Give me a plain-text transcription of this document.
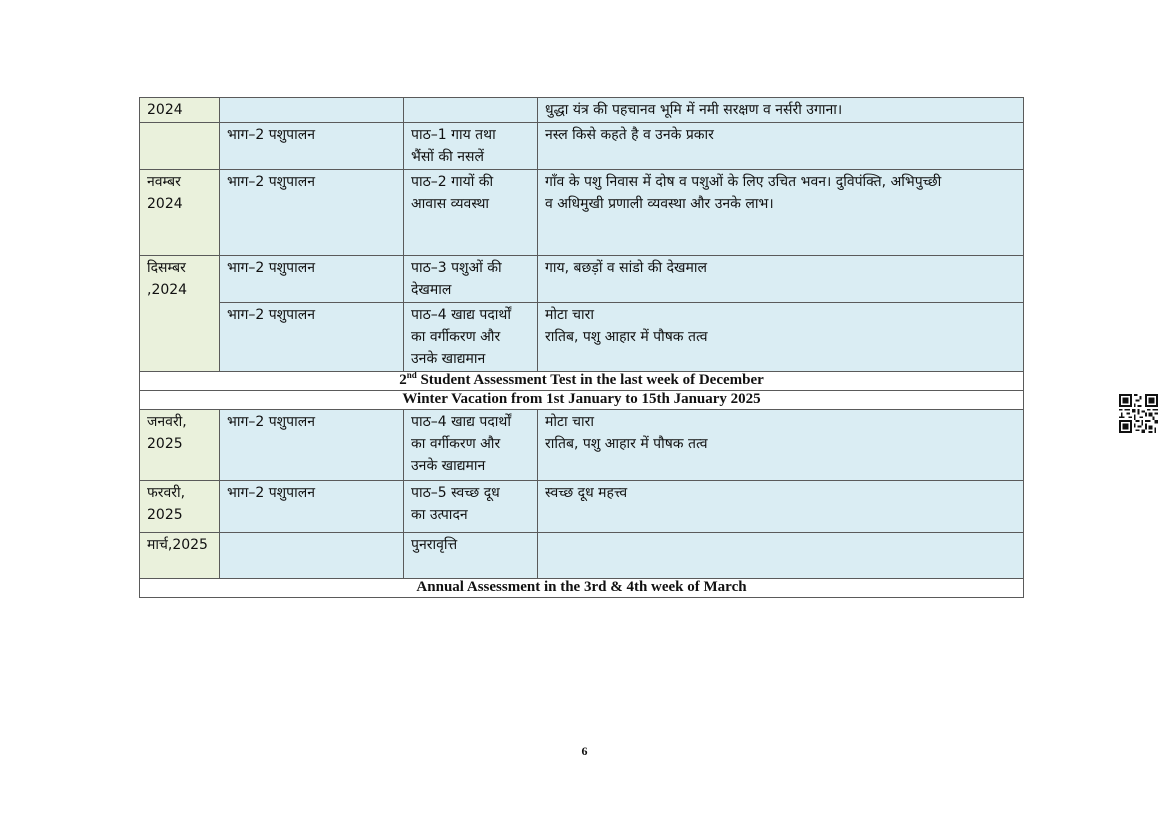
2024			धुद्धा यंत्र की पहचानव भूमि में नमी सरक्षण व नर्सरी उगाना।

	भाग–2 पशुपालन	पाठ–1 गाय तथा
भैंसों की नसलें	नस्ल किसे कहते है व उनके प्रकार

नवम्बर
2024	भाग–2 पशुपालन	पाठ–2 गायों की
आवास व्यवस्था	गाँव के पशु निवास में दोष व पशुओं के लिए उचित भवन। दुविपंक्ति, अभिपुच्छी
व अधिमुखी प्रणाली व्यवस्था और उनके लाभ।

दिसम्बर
,2024	भाग–2 पशुपालन	पाठ–3 पशुओं की
देखमाल	गाय, बछड़ों व सांडो की देखमाल

	भाग–2 पशुपालन	पाठ–4 खाद्य पदार्थों
का वर्गीकरण और
उनके खाद्यमान	मोटा चारा
रातिब, पशु आहार में पौषक तत्व

2nd Student Assessment Test in the last week of December			
Winter Vacation from 1st January to 15th January 2025			

जनवरी,
2025	भाग–2 पशुपालन	पाठ–4 खाद्य पदार्थों
का वर्गीकरण और
उनके खाद्यमान	मोटा चारा
रातिब, पशु आहार में पौषक तत्व

फरवरी,
2025	भाग–2 पशुपालन	पाठ–5 स्वच्छ दूध
का उत्पादन	स्वच्छ दूध महत्त्व

मार्च,2025		पुनरावृत्ति	

Annual Assessment in the 3rd & 4th week of March			
6
